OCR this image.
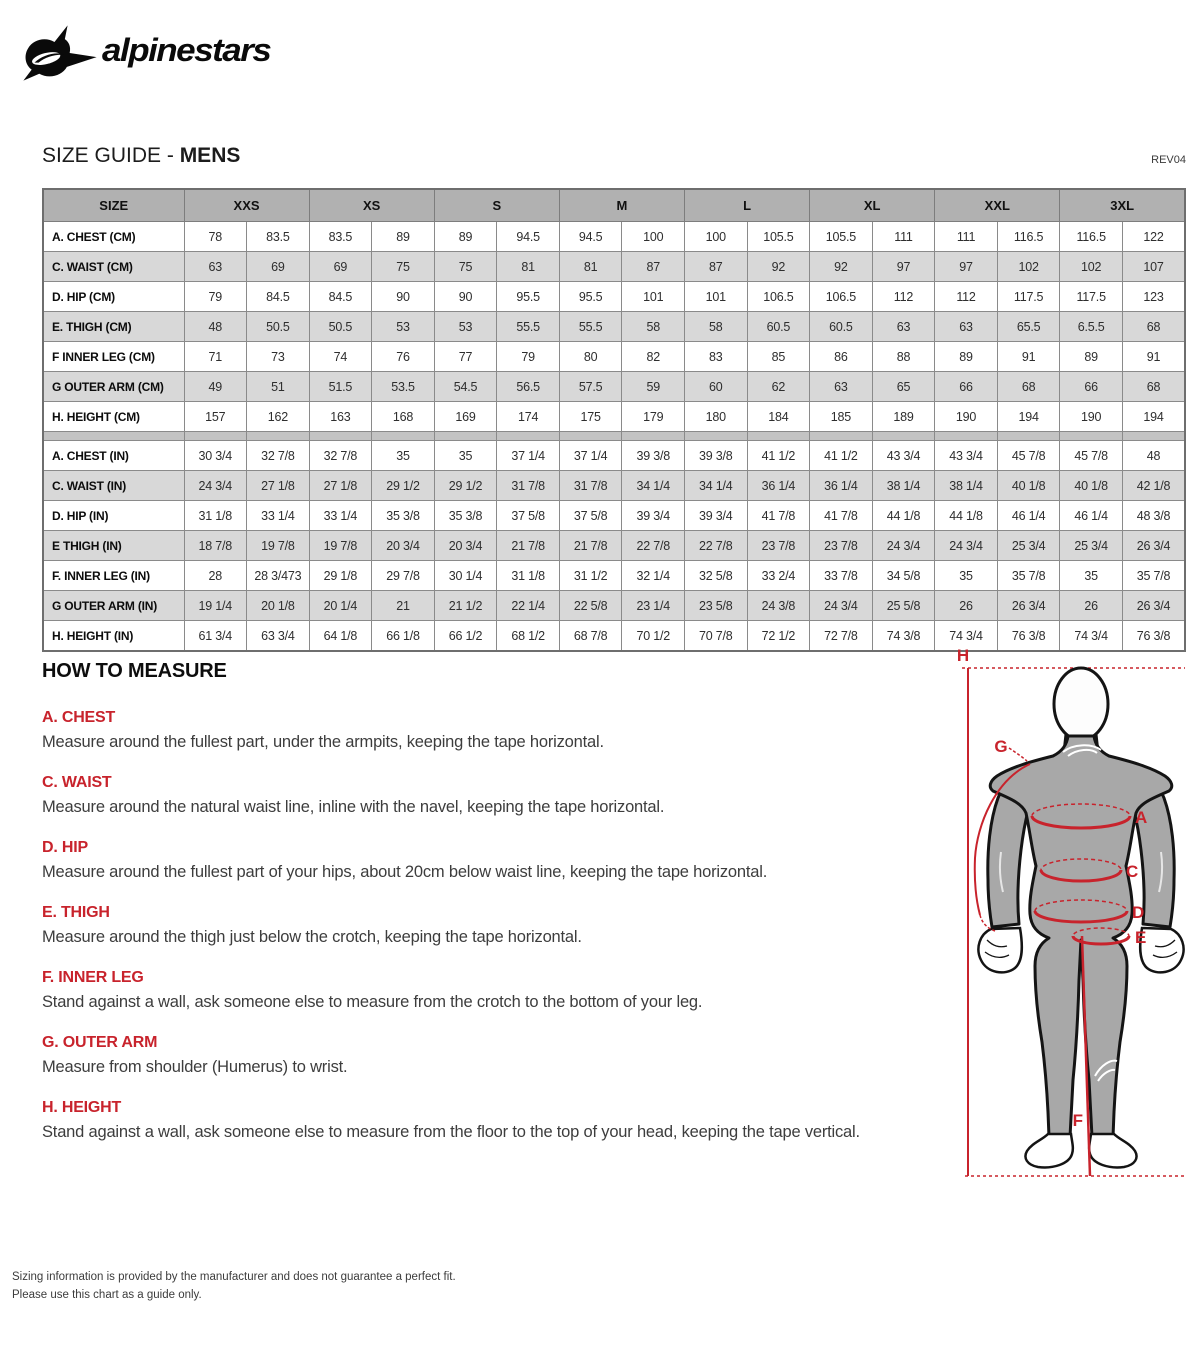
alpinestars
SIZE GUIDE - MENS	REV04
SIZE	XXS		XS		S		M		L		XL		XXL		3XL	
A. CHEST (CM)	78	83.5	83.5	89	89	94.5	94.5	100	100	105.5	105.5	111	111	116.5	116.5	122
C. WAIST (CM)	63	69	69	75	75	81	81	87	87	92	92	97	97	102	102	107
D. HIP (CM)	79	84.5	84.5	90	90	95.5	95.5	101	101	106.5	106.5	112	112	117.5	117.5	123
E. THIGH (CM)	48	50.5	50.5	53	53	55.5	55.5	58	58	60.5	60.5	63	63	65.5	6.5.5	68
F INNER LEG (CM)	71	73	74	76	77	79	80	82	83	85	86	88	89	91	89	91
G OUTER ARM (CM)	49	51	51.5	53.5	54.5	56.5	57.5	59	60	62	63	65	66	68	66	68
H. HEIGHT (CM)	157	162	163	168	169	174	175	179	180	184	185	189	190	194	190	194

A. CHEST (IN)	30 3/4	32 7/8	32 7/8	35	35	37 1/4	37 1/4	39 3/8	39 3/8	41 1/2	41 1/2	43 3/4	43 3/4	45 7/8	45 7/8	48
C. WAIST (IN)	24 3/4	27 1/8	27 1/8	29 1/2	29 1/2	31 7/8	31 7/8	34 1/4	34 1/4	36 1/4	36 1/4	38 1/4	38 1/4	40 1/8	40 1/8	42 1/8
D. HIP (IN)	31 1/8	33 1/4	33 1/4	35 3/8	35 3/8	37 5/8	37 5/8	39 3/4	39 3/4	41 7/8	41 7/8	44 1/8	44 1/8	46 1/4	46 1/4	48 3/8
E THIGH (IN)	18 7/8	19 7/8	19 7/8	20 3/4	20 3/4	21 7/8	21 7/8	22 7/8	22 7/8	23 7/8	23 7/8	24 3/4	24 3/4	25 3/4	25 3/4	26 3/4
F. INNER LEG (IN)	28	28 3/473	29 1/8	29 7/8	30 1/4	31 1/8	31 1/2	32 1/4	32 5/8	33 2/4	33 7/8	34 5/8	35	35 7/8	35	35 7/8
G OUTER ARM (IN)	19 1/4	20 1/8	20 1/4	21	21 1/2	22 1/4	22 5/8	23 1/4	23 5/8	24 3/8	24 3/4	25 5/8	26	26 3/4	26	26 3/4
H. HEIGHT (IN)	61 3/4	63 3/4	64 1/8	66 1/8	66 1/2	68 1/2	68 7/8	70 1/2	70 7/8	72 1/2	72 7/8	74 3/8	74 3/4	76 3/8	74 3/4	76 3/8
HOW TO MEASURE
A. CHEST

Measure around the fullest part, under the armpits, keeping the tape horizontal.

C. WAIST

Measure around the natural waist line, inline with the navel, keeping the tape horizontal.

D. HIP

Measure around the fullest part of your hips, about 20cm below waist line, keeping the tape horizontal.

E. THIGH

Measure around the thigh just below the crotch, keeping the tape horizontal.

F. INNER LEG

Stand against a wall, ask someone else to measure from the crotch to the bottom of your leg.

G. OUTER ARM

Measure from shoulder (Humerus) to wrist.

H. HEIGHT

Stand against a wall, ask someone else to measure from the floor to the top of your head, keeping the tape vertical.

H
G
A
C
D
E
F

Sizing information is provided by the manufacturer and does not guarantee a perfect fit.

Please use this chart as a guide only.
